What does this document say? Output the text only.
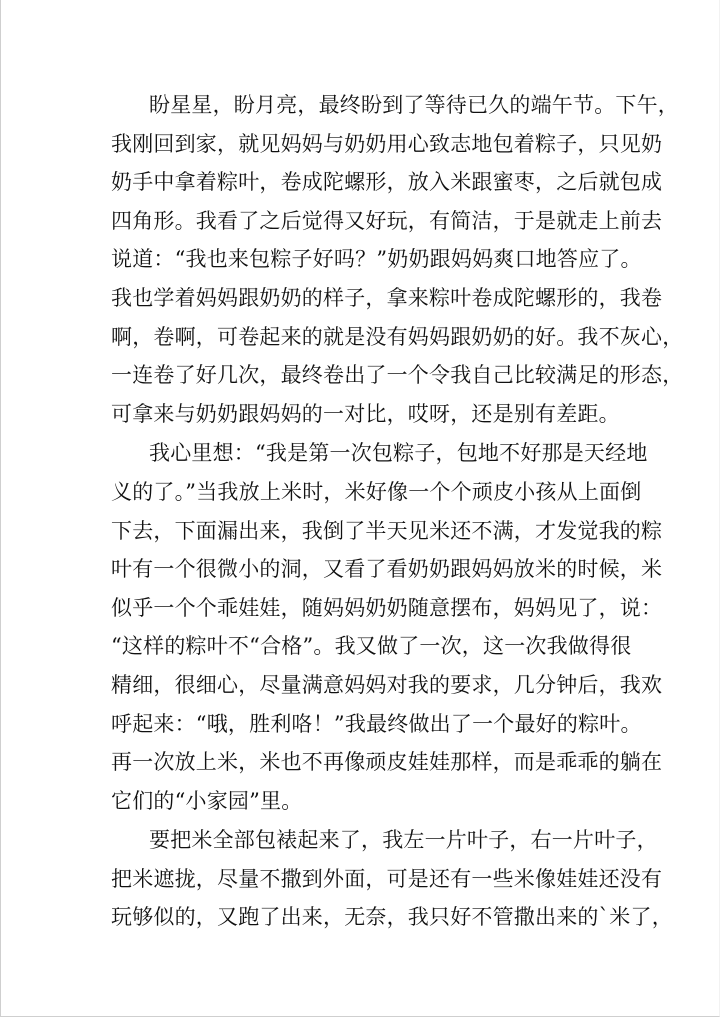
盼星星，盼月亮，最终盼到了等待已久的端午节。下午，
我刚回到家，就见妈妈与奶奶用心致志地包着粽子，只见奶
奶手中拿着粽叶，卷成陀螺形，放入米跟蜜枣，之后就包成
四角形。我看了之后觉得又好玩，有简洁，于是就走上前去
说道：“我也来包粽子好吗？”奶奶跟妈妈爽口地答应了。
我也学着妈妈跟奶奶的样子，拿来粽叶卷成陀螺形的，我卷
啊，卷啊，可卷起来的就是没有妈妈跟奶奶的好。我不灰心，
一连卷了好几次，最终卷出了一个令我自己比较满足的形态，
可拿来与奶奶跟妈妈的一对比，哎呀，还是别有差距。
我心里想：“我是第一次包粽子，包地不好那是天经地
义的了。”当我放上米时，米好像一个个顽皮小孩从上面倒
下去，下面漏出来，我倒了半天见米还不满，才发觉我的粽
叶有一个很微小的洞，又看了看奶奶跟妈妈放米的时候，米
似乎一个个乖娃娃，随妈妈奶奶随意摆布，妈妈见了，说：
“这样的粽叶不“合格”。我又做了一次，这一次我做得很
精细，很细心，尽量满意妈妈对我的要求，几分钟后，我欢
呼起来：“哦，胜利咯！”我最终做出了一个最好的粽叶。
再一次放上米，米也不再像顽皮娃娃那样，而是乖乖的躺在
它们的“小家园”里。
要把米全部包裱起来了，我左一片叶子，右一片叶子，
把米遮拢，尽量不撒到外面，可是还有一些米像娃娃还没有
玩够似的，又跑了出来，无奈，我只好不管撒出来的`米了，
